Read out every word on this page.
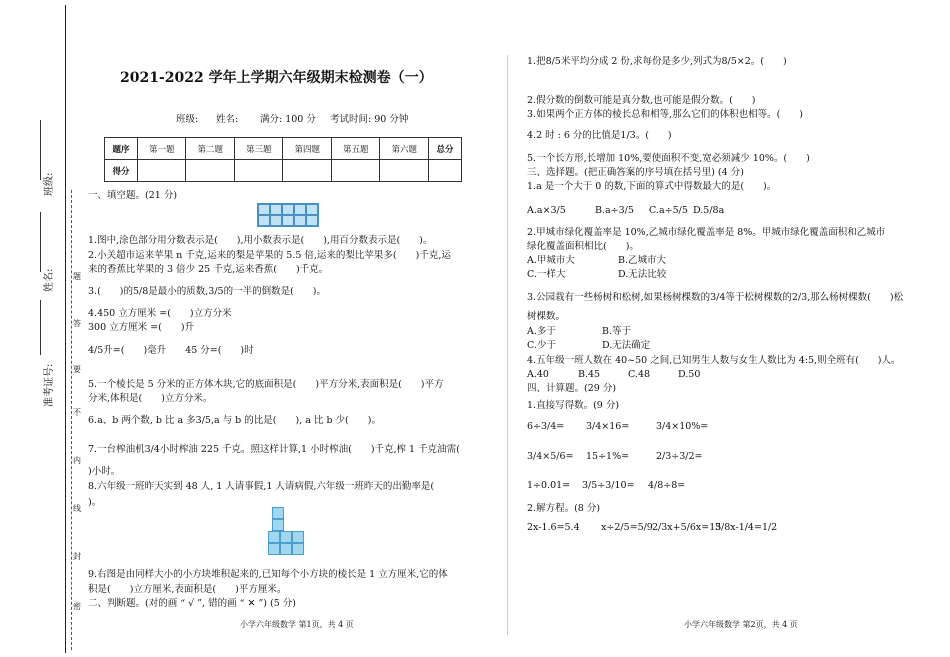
班级:
姓名:
准考证号:
密
封
线
内
不
要
答
题
2021-2022 学年上学期六年级期末检测卷（一）
班级: 姓名: 满分: 100 分 考试时间: 90 分钟
题序	第一题	第二题	第三题	第四题	第五题	第六题	总分
得分							
一、填空题。(21 分)
1.图中,涂色部分用分数表示是(　　),用小数表示是(　　),用百分数表示是(　　)。
2.小关超市运来苹果 n 千克,运来的梨是苹果的 5.5 倍,运来的梨比苹果多(　　)千克,运
来的香蕉比苹果的 3 倍少 25 千克,运来香蕉(　　)千克。
3.(　　)的5/8是最小的质数,3/5的一半的倒数是(　　)。
4.450 立方厘米 =(　　)立方分米
300 立方厘米 =(　　)升
4/5升=(　　)毫升　　45 分=(　　)时
5.一个棱长是 5 分米的正方体木块,它的底面积是(　　)平方分米,表面积是(　　)平方
分米,体积是(　　)立方分米。
6.a、b 两个数, b 比 a 多3/5,a 与 b 的比是(　　), a 比 b 少(　　)。
7.一台榨油机3/4小时榨油 225 千克。照这样计算,1 小时榨油(　　)千克,榨 1 千克油需(
)小时。
8.六年级一班昨天实到 48 人, 1 人请事假,1 人请病假,六年级一班昨天的出勤率是(
)。
9.右图是由同样大小的小方块堆积起来的,已知每个小方块的棱长是 1 立方厘米,它的体
积是(　　)立方厘米,表面积是(　　)平方厘米。
二、判断题。(对的画 “ √ ”, 错的画 “ ✕ ”) (5 分)
小学六年级数学 第1页，共 4 页
1.把8/5米平均分成 2 份,求每份是多少,列式为8/5×2。(　　)
2.假分数的倒数可能是真分数,也可能是假分数。(　　)
3.如果两个正方体的棱长总和相等,那么它们的体积也相等。(　　)
4.2 时 : 6 分的比值是1/3。(　　)
5.一个长方形,长增加 10%,要使面积不变,宽必须减少 10%。(　　)
三、选择题。(把正确答案的序号填在括号里) (4 分)
1.a 是一个大于 0 的数,下面的算式中得数最大的是(　　)。
A.a×3/5	B.a÷3/5 C.a÷5/5 D.5/8a
2.甲城市绿化覆盖率是 10%,乙城市绿化覆盖率是 8%。甲城市绿化覆盖面积和乙城市
绿化覆盖面积相比(　　)。
A.甲城市大	B.乙城市大
C.一样大	D.无法比较
3.公园栽有一些杨树和松树,如果杨树棵数的3/4等于松树棵数的2/3,那么杨树棵数(　　)松
树棵数。
A.多于	B.等于
C.少于	D.无法确定
4.五年级一班人数在 40~50 之间,已知男生人数与女生人数比为 4:5,则全班有(　　)人。
A.40	B.45	C.48	D.50
四、计算题。(29 分)
1.直接写得数。(9 分)
6÷3/4= 3/4×16=	3/4×10%=
3/4×5/6= 15÷1%=	2/3÷3/2=
1÷0.01= 3/5÷3/10= 4/8÷8=
2.解方程。(8 分)
2x-1.6=5.4 x÷2/5=5/9 2/3x+5/6x=15
3/8x-1/4=1/2
小学六年级数学 第2页，共 4 页
